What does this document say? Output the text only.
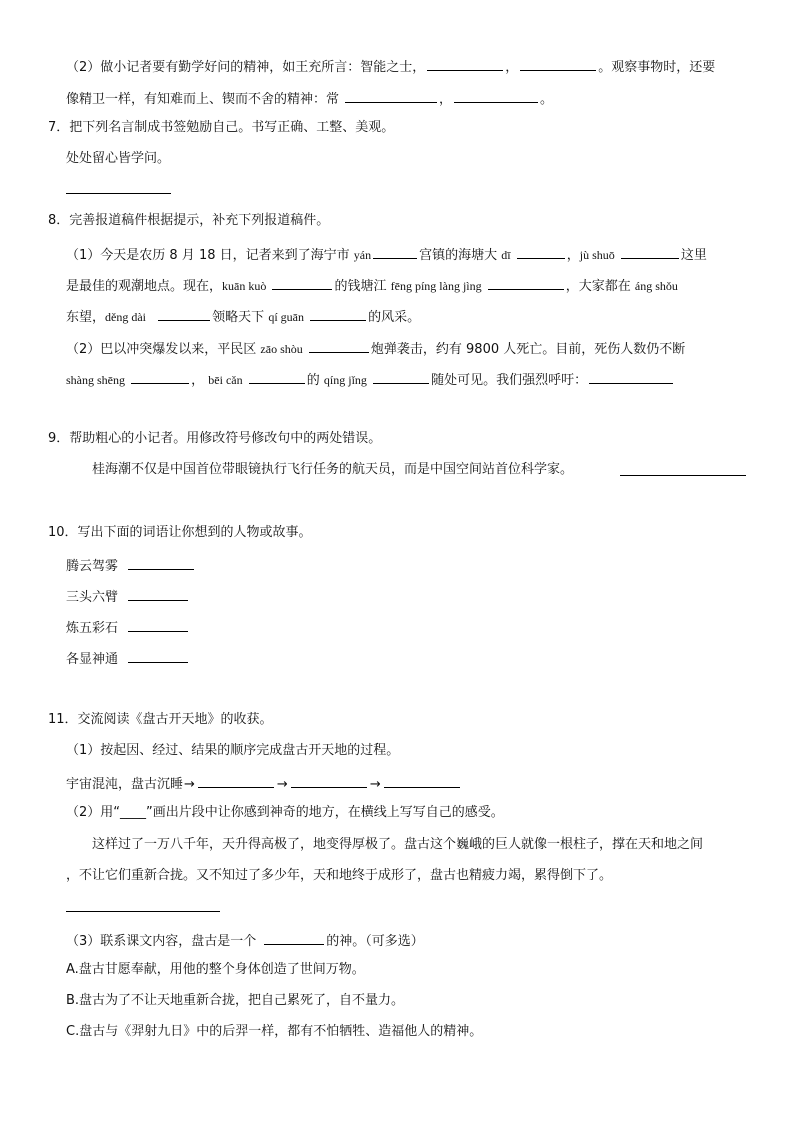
（2）做小记者要有勤学好问的精神，如王充所言：智能之士，	，	。观察事物时，还要
像精卫一样，有知难而上、锲而不舍的精神：常	，	。
7．把下列名言制成书签勉励自己。书写正确、工整、美观。
处处留心皆学问。
8．完善报道稿件根据提示，补充下列报道稿件。
（1）今天是农历 8 月 18 日，记者来到了海宁市 yán	宫镇的海塘大 dī	，jù shuō	这里
是最佳的观潮地点。现在，kuān kuò	的钱塘江 fēng píng làng jìng	，大家都在 áng shǒu
东望，děng dài	领略天下 qí guān	的风采。
（2）巴以冲突爆发以来，平民区 zāo shòu	炮弹袭击，约有 9800 人死亡。目前，死伤人数仍不断
shàng shēng	， bēi cǎn	的 qíng jǐng	随处可见。我们强烈呼吁：
9．帮助粗心的小记者。用修改符号修改句中的两处错误。
桂海潮不仅是中国首位带眼镜执行飞行任务的航天员，而是中国空间站首位科学家。
10．写出下面的词语让你想到的人物或故事。
腾云驾雾
三头六臂
炼五彩石
各显神通
11．交流阅读《盘古开天地》的收获。
（1）按起因、经过、结果的顺序完成盘古开天地的过程。
宇宙混沌，盘古沉睡→	→	→
（2）用“____”画出片段中让你感到神奇的地方，在横线上写写自己的感受。
这样过了一万八千年，天升得高极了，地变得厚极了。盘古这个巍峨的巨人就像一根柱子，撑在天和地之间
，不让它们重新合拢。又不知过了多少年，天和地终于成形了，盘古也精疲力竭，累得倒下了。
（3）联系课文内容，盘古是一个	的神。（可多选）
A.盘古甘愿奉献，用他的整个身体创造了世间万物。
B.盘古为了不让天地重新合拢，把自己累死了，自不量力。
C.盘古与《羿射九日》中的后羿一样，都有不怕牺牲、造福他人的精神。
